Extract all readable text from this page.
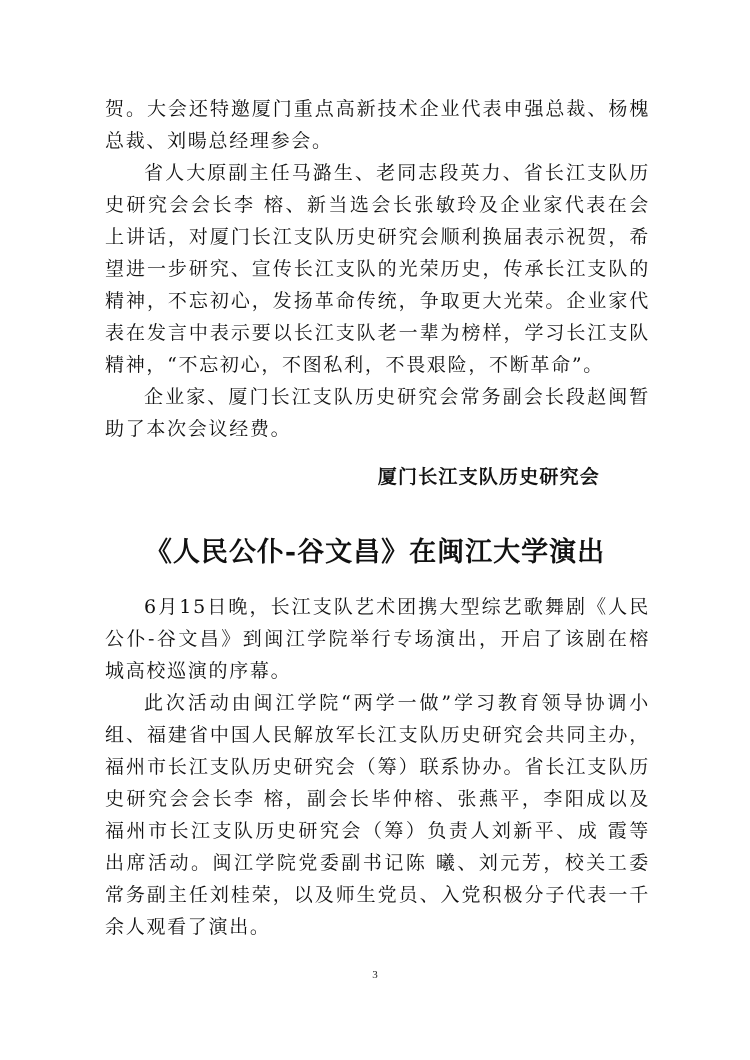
贺。大会还特邀厦门重点高新技术企业代表申强总裁、杨槐总裁、刘暘总经理参会。

省人大原副主任马潞生、老同志段英力、省长江支队历史研究会会长李 榕、新当选会长张敏玲及企业家代表在会上讲话，对厦门长江支队历史研究会顺利换届表示祝贺，希望进一步研究、宣传长江支队的光荣历史，传承长江支队的精神，不忘初心，发扬革命传统，争取更大光荣。企业家代表在发言中表示要以长江支队老一辈为榜样，学习长江支队精神，“不忘初心，不图私利，不畏艰险，不断革命”。

企业家、厦门长江支队历史研究会常务副会长段赵闽暂助了本次会议经费。

厦门长江支队历史研究会
《人民公仆-谷文昌》在闽江大学演出

6月15日晚，长江支队艺术团携大型综艺歌舞剧《人民公仆-谷文昌》到闽江学院举行专场演出，开启了该剧在榕城高校巡演的序幕。

此次活动由闽江学院“两学一做”学习教育领导协调小组、福建省中国人民解放军长江支队历史研究会共同主办，福州市长江支队历史研究会（筹）联系协办。省长江支队历史研究会会长李 榕，副会长毕仲榕、张燕平，李阳成以及福州市长江支队历史研究会（筹）负责人刘新平、成 霞等出席活动。闽江学院党委副书记陈 曦、刘元芳，校关工委常务副主任刘桂荣，以及师生党员、入党积极分子代表一千余人观看了演出。

3
